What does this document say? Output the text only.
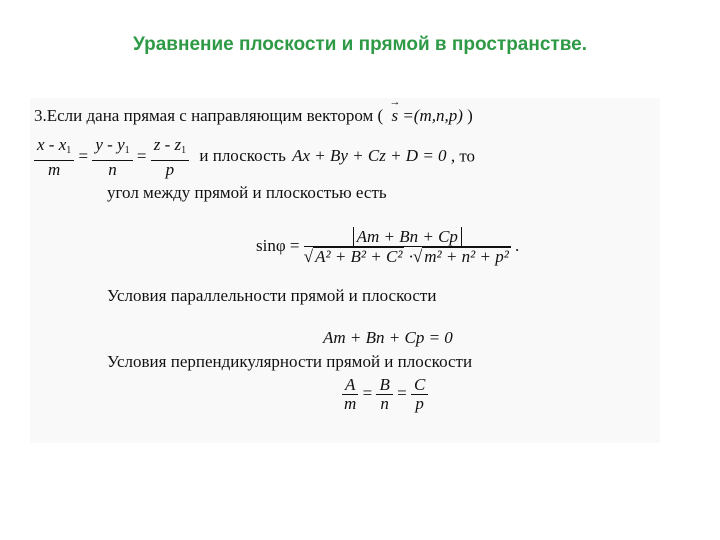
Уравнение плоскости и прямой в пространстве.
3.Если дана прямая с направляющим вектором (
→
s =(m,n,p) )
$\frac{x - x_1}{m} = \frac{y - y_1}{n} = \frac{z - z_1}{p}$ и плоскость Ax + By + Cz + D = 0 , то
угол между прямой и плоскостью есть
$\sin\varphi = \frac{Am + Bn + Cp}{\text{√ A² + B² + C² ·√ m² + n² + p²}}$ .
Условия параллельности прямой и плоскости
Am + Bn + Cp = 0
Условия перпендикулярности прямой и плоскости
$\frac{A}{m} = \frac{B}{n} = \frac{C}{p}$
